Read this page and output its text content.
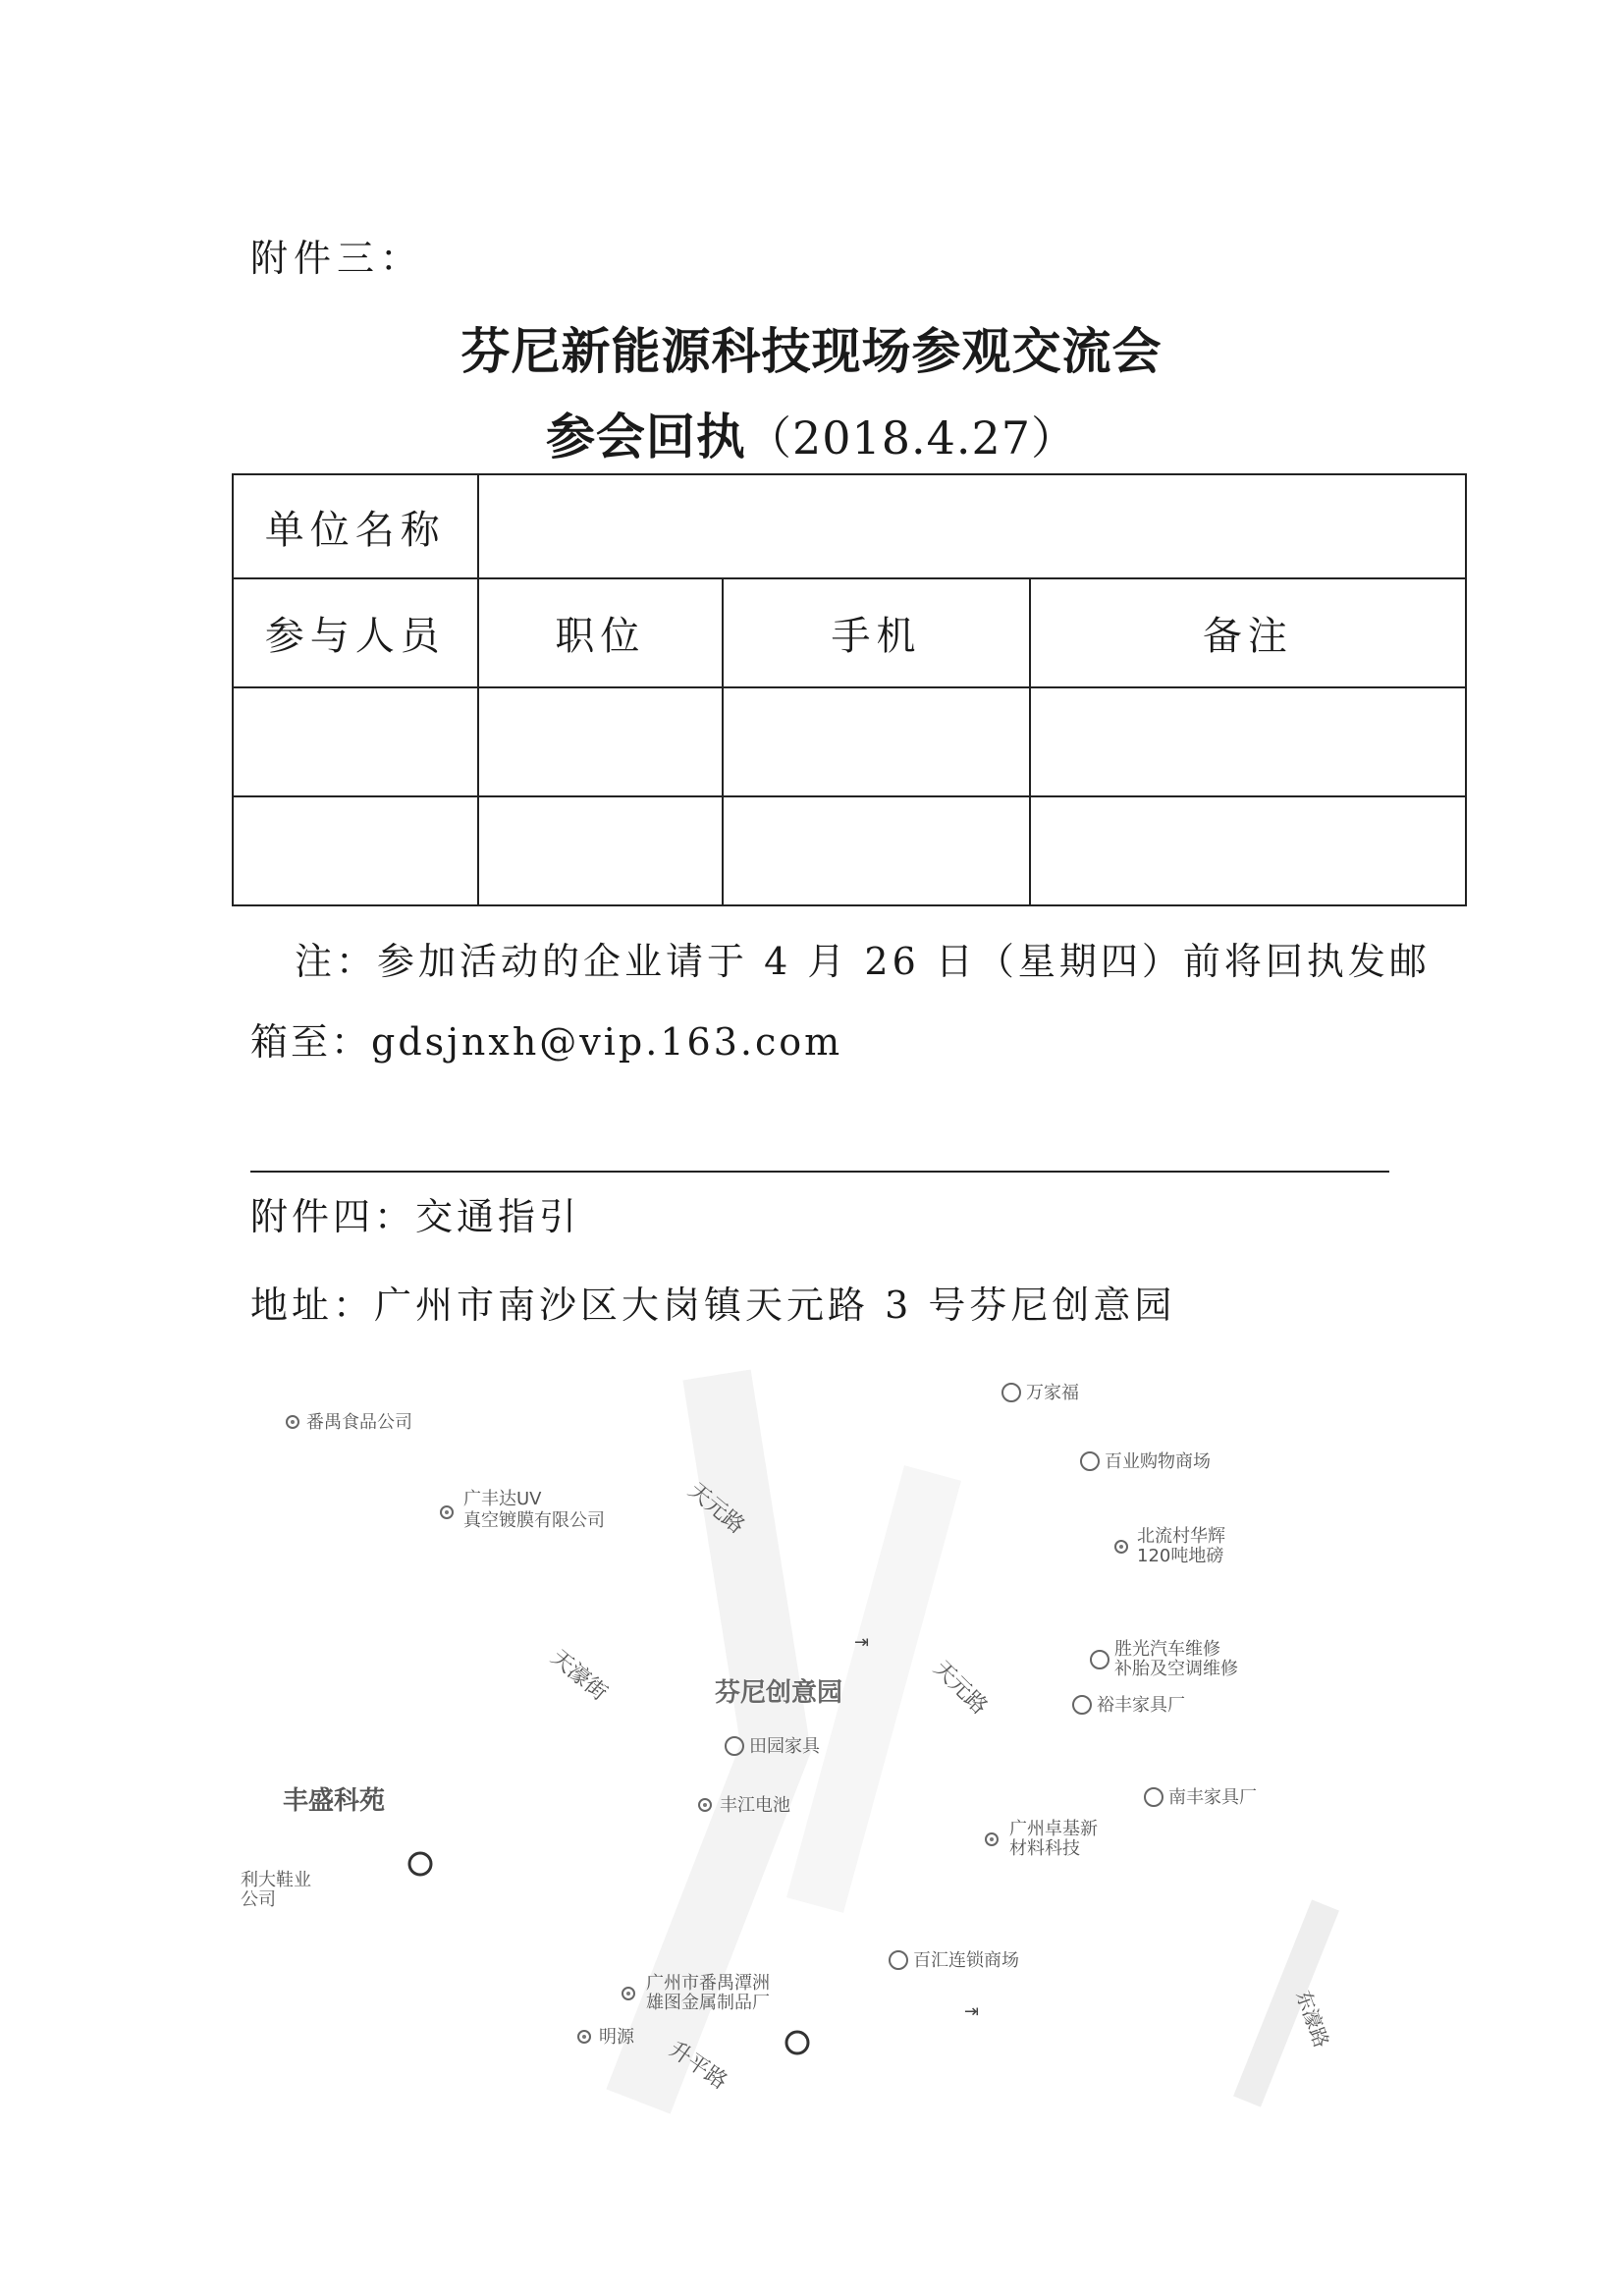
附件三：
芬尼新能源科技现场参观交流会
参会回执（2018.4.27）
单位名称			
参与人员	职位	手机	备注

注：参加活动的企业请于 4 月 26 日（星期四）前将回执发邮
箱至：gdsjnxh@vip.163.com
附件四：交通指引
地址：广州市南沙区大岗镇天元路 3 号芬尼创意园
天元路
天元路
天濠街
升平路
东濠路
芬尼创意园
丰盛科苑
⇥
⇥
番禺食品公司
广丰达UV
真空镀膜有限公司
万家福
百业购物商场
北流村华辉
120吨地磅
胜光汽车维修
补胎及空调维修
裕丰家具厂
田园家具
丰江电池	南丰家具厂
广州卓基新
材料科技
利大鞋业
公司
百汇连锁商场
广州市番禺潭洲
雄图金属制品厂
明源
